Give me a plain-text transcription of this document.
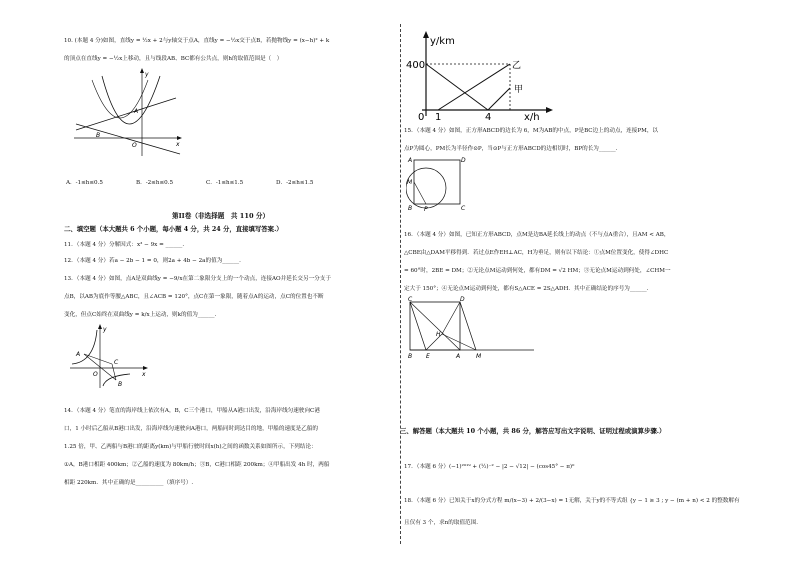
10. (本题 4 分)如图，直线y = ½x + 2与y轴交于点A，直线y = −½x交于点B，若抛物线y = (x−h)² + k
的顶点在直线y = −½x上移动，且与线段AB、BC都有公共点，则h的取值范围是（　）
A
B
O	x
y
A．-1≤h≤0.5	B．-2≤h≤0.5	C．-1≤h≤1.5	D．-2≤h≤1.5
第II卷（非选择题　共 110 分）
二、填空题（本大题共 6 个小题，每小题 4 分，共 24 分，直接填写答案.）
11．（本题 4 分）分解因式：x³ − 9x = ______.
12．（本题 4 分）若a − 2b − 1 = 0，则2a + 4b − 2a的值为______.
13．（本题 4 分）如图，点A是双曲线y = −9/x在第二象限分支上的一个动点，连接AO并延长交另一分支于
点B，以AB为底作等腰△ABC，且∠ACB = 120°，点C在第一象限，随着点A的运动，点C的位置也不断
变化，但点C始终在双曲线y = k/x上运动，则k的值为______.
A
B
C
O	x
y
14．（本题 4 分）笔直的海岸线上依次有A，B，C三个港口，甲船从A港口出发，沿海岸线匀速驶向C港
口，1 小时后乙船从B港口出发，沿海岸线匀速驶向A港口，两船同时到达目的地，甲船的速度是乙船的
1.25 倍，甲、乙两船与B港口的距离y(km)与甲船行驶时间x(h)之间的函数关系如图所示，下列结论：
①A，B港口相距 400km；②乙船的速度为 80km/h；③B，C港口相距 200km；④甲船出发 4h 时，两船
相距 220km．其中正确的是__________（填序号）.
y/km
x/h
400
0 1	4
乙
甲
15．（本题 4 分）如图，正方形ABCD的边长为 6，M为AB的中点，P是BC边上的动点，连接PM，以
点P为圆心，PM长为半径作⊙P，当⊙P与正方形ABCD的边相切时，BP的长为______.
A	D
M
B P	C
16．（本题 4 分）如图，已知正方形ABCD，点M是边BA延长线上的动点（不与点A重合），且AM < AB，
△CBE由△DAM平移得到．若过点E作EH⊥AC，H为垂足，则有以下结论：①点M位置变化，使得∠DHC
= 60°时，2BE = DM；②无论点M运动到何处，都有DM = √2 HM；③无论点M运动到何处，∠CHM一
定大于 150°；④无论点M运动到何处，都有S△ACE = 2S△ADH．其中正确结论的序号为______.
C	D
H
B E	A	M
三、解答题（本大题共 10 个小题，共 86 分，解答应写出文字说明、证明过程或演算步骤.）
17．（本题 6 分）(−1)²⁰¹⁹ + (½)⁻² − |2 − √12| − (cos45° − π)⁰
18．（本题 6 分）已知关于x的分式方程 m/(x−3) + 2/(3−x) = 1无解，关于y的不等式组 {y − 1 ≥ 3 ; y − (m + n) < 2 的整数解有
且仅有 3 个，求n的取值范围.
